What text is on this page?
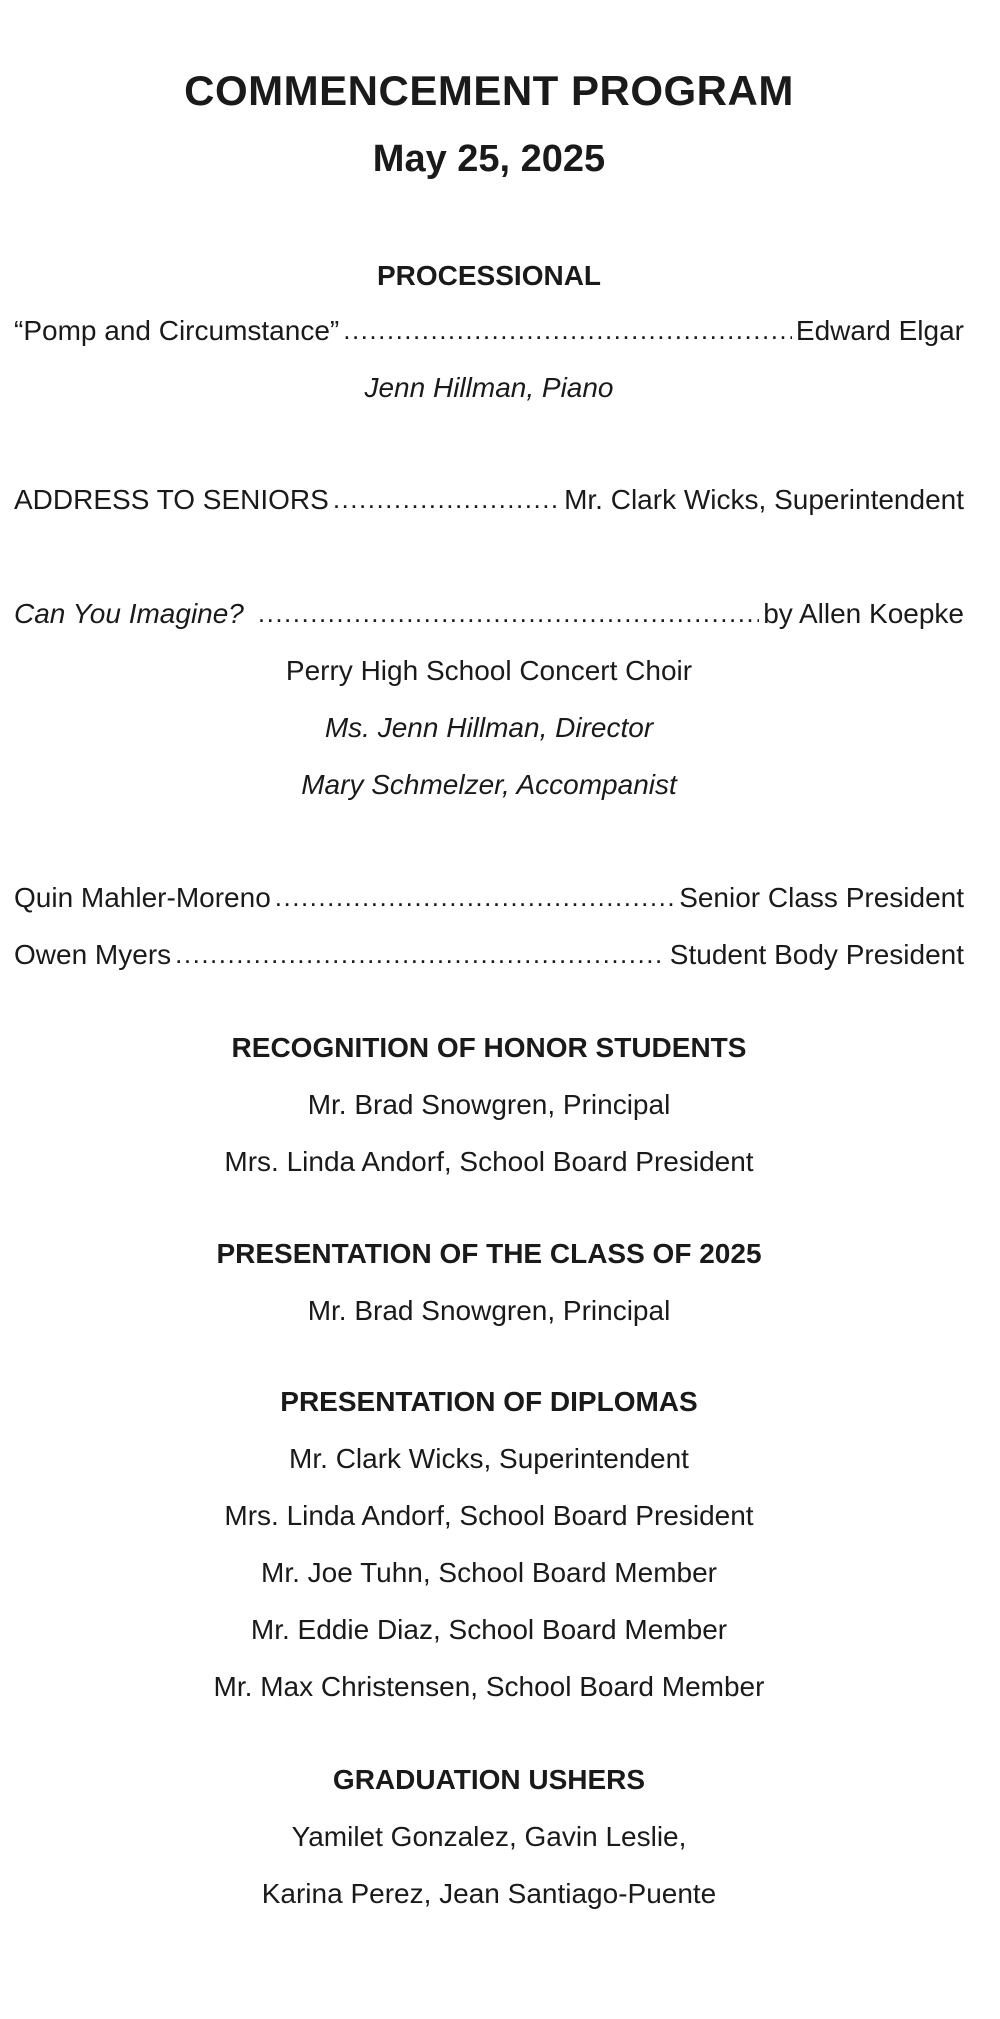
COMMENCEMENT PROGRAM
May 25, 2025
PROCESSIONAL
“Pomp and Circumstance” .....	Edward Elgar
Jenn Hillman, Piano
ADDRESS TO SENIORS .....	Mr. Clark Wicks, Superintendent
Can You Imagine? .....	by Allen Koepke
Perry High School Concert Choir
Ms. Jenn Hillman, Director
Mary Schmelzer, Accompanist
Quin Mahler-Moreno .....	Senior Class President
Owen Myers .....	Student Body President
RECOGNITION OF HONOR STUDENTS
Mr. Brad Snowgren, Principal
Mrs. Linda Andorf, School Board President
PRESENTATION OF THE CLASS OF 2025
Mr. Brad Snowgren, Principal
PRESENTATION OF DIPLOMAS
Mr. Clark Wicks, Superintendent
Mrs. Linda Andorf, School Board President
Mr. Joe Tuhn, School Board Member
Mr. Eddie Diaz, School Board Member
Mr. Max Christensen, School Board Member
GRADUATION USHERS
Yamilet Gonzalez, Gavin Leslie,
Karina Perez, Jean Santiago-Puente
